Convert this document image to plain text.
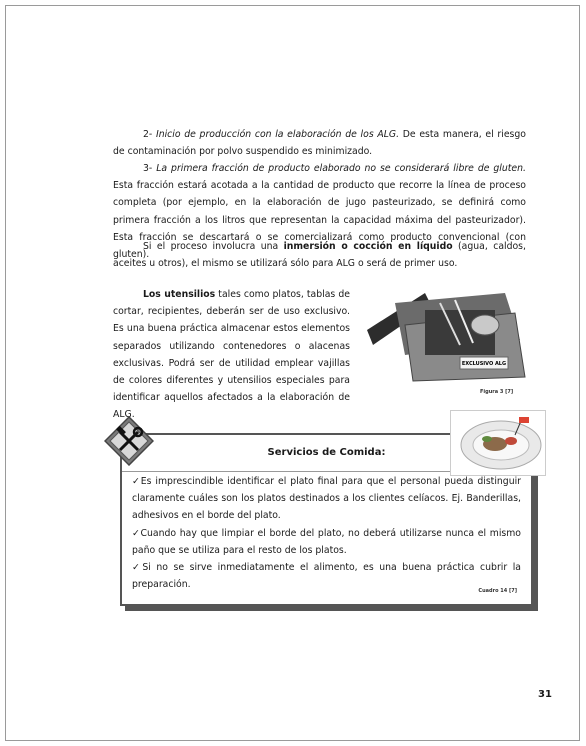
2- Inicio de producción con la elaboración de los ALG. De esta manera, el riesgo de contaminación por polvo suspendido es minimizado.
3- La primera fracción de producto elaborado no se considerará libre de gluten. Esta fracción estará acotada a la cantidad de producto que recorre la línea de proceso completa (por ejemplo, en la elaboración de jugo pasteurizado, se definirá como primera fracción a los litros que representan la capacidad máxima del pasteurizador). Esta fracción se descartará o se comercializará como producto convencional (con gluten).
Si el proceso involucra una inmersión o cocción en líquido (agua, caldos, aceites u otros), el mismo se utilizará sólo para ALG o será de primer uso.
Los utensilios tales como platos, tablas de cortar, recipientes, deberán ser de uso exclusivo. Es una buena práctica almacenar estos elementos separados utilizando contenedores o alacenas exclusivas. Podrá ser de utilidad emplear vajillas de colores diferentes y utensilios especiales para identificar aquellos afectados a la elaboración de ALG.
EXCLUSIVO ALG
Figura 3 [7]
Servicios de Comida:
✓Es imprescindible identificar el plato final para que el personal pueda distinguir claramente cuáles son los platos destinados a los clientes celíacos. Ej. Banderillas, adhesivos en el borde del plato.
✓Cuando hay que limpiar el borde del plato, no deberá utilizarse nunca el mismo paño que se utiliza para el resto de los platos.
✓Si no se sirve inmediatamente el alimento, es una buena práctica cubrir la preparación.
Cuadro 14 [7]
31
